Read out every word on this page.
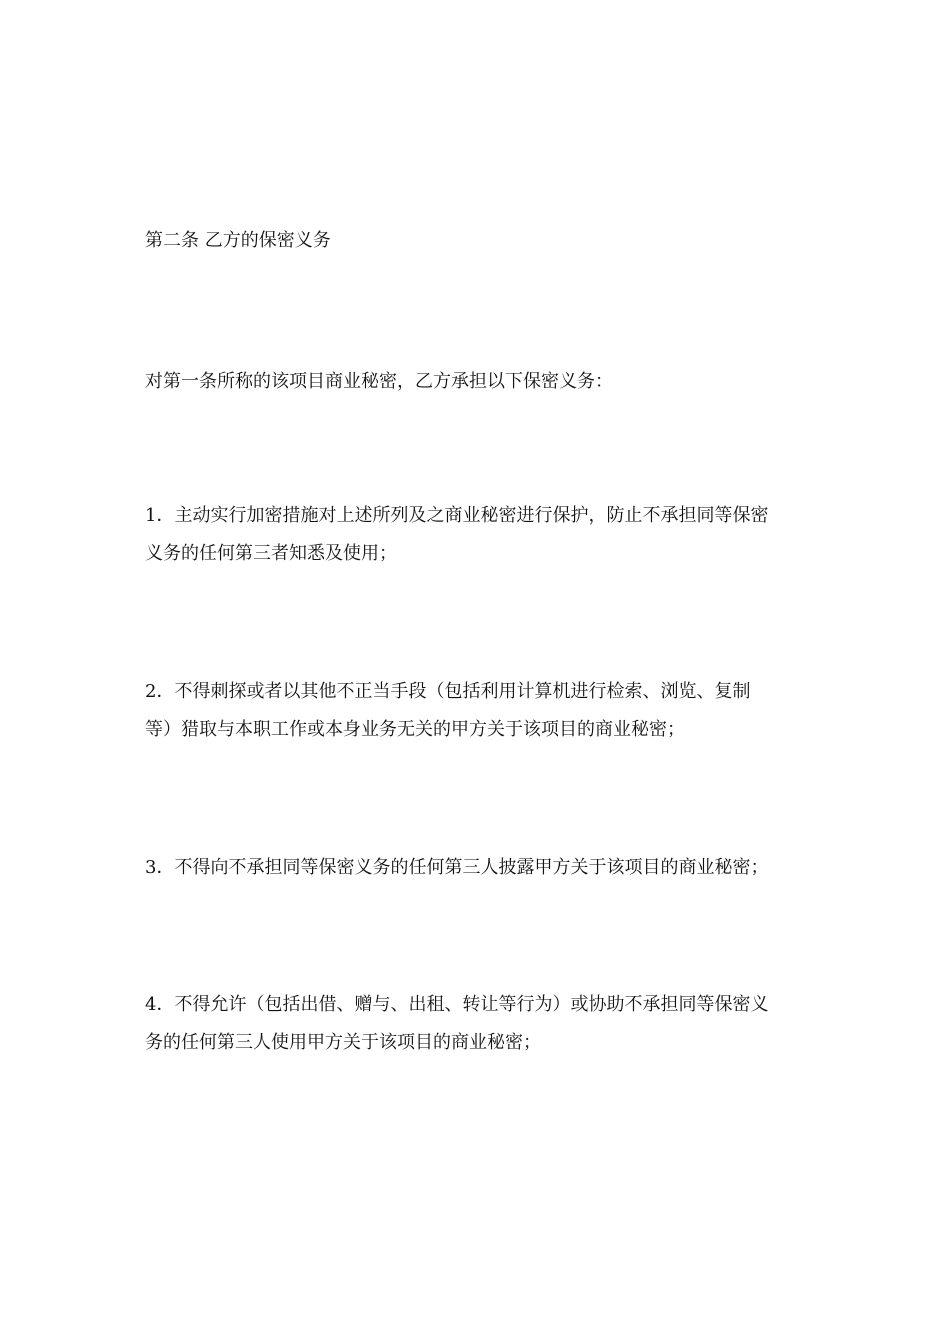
第二条 乙方的保密义务

对第一条所称的该项目商业秘密，乙方承担以下保密义务：

1．主动实行加密措施对上述所列及之商业秘密进行保护，防止不承担同等保密

义务的任何第三者知悉及使用；

2．不得刺探或者以其他不正当手段（包括利用计算机进行检索、浏览、复制

等）猎取与本职工作或本身业务无关的甲方关于该项目的商业秘密；

3．不得向不承担同等保密义务的任何第三人披露甲方关于该项目的商业秘密；

4．不得允许（包括出借、赠与、出租、转让等行为）或协助不承担同等保密义

务的任何第三人使用甲方关于该项目的商业秘密；
